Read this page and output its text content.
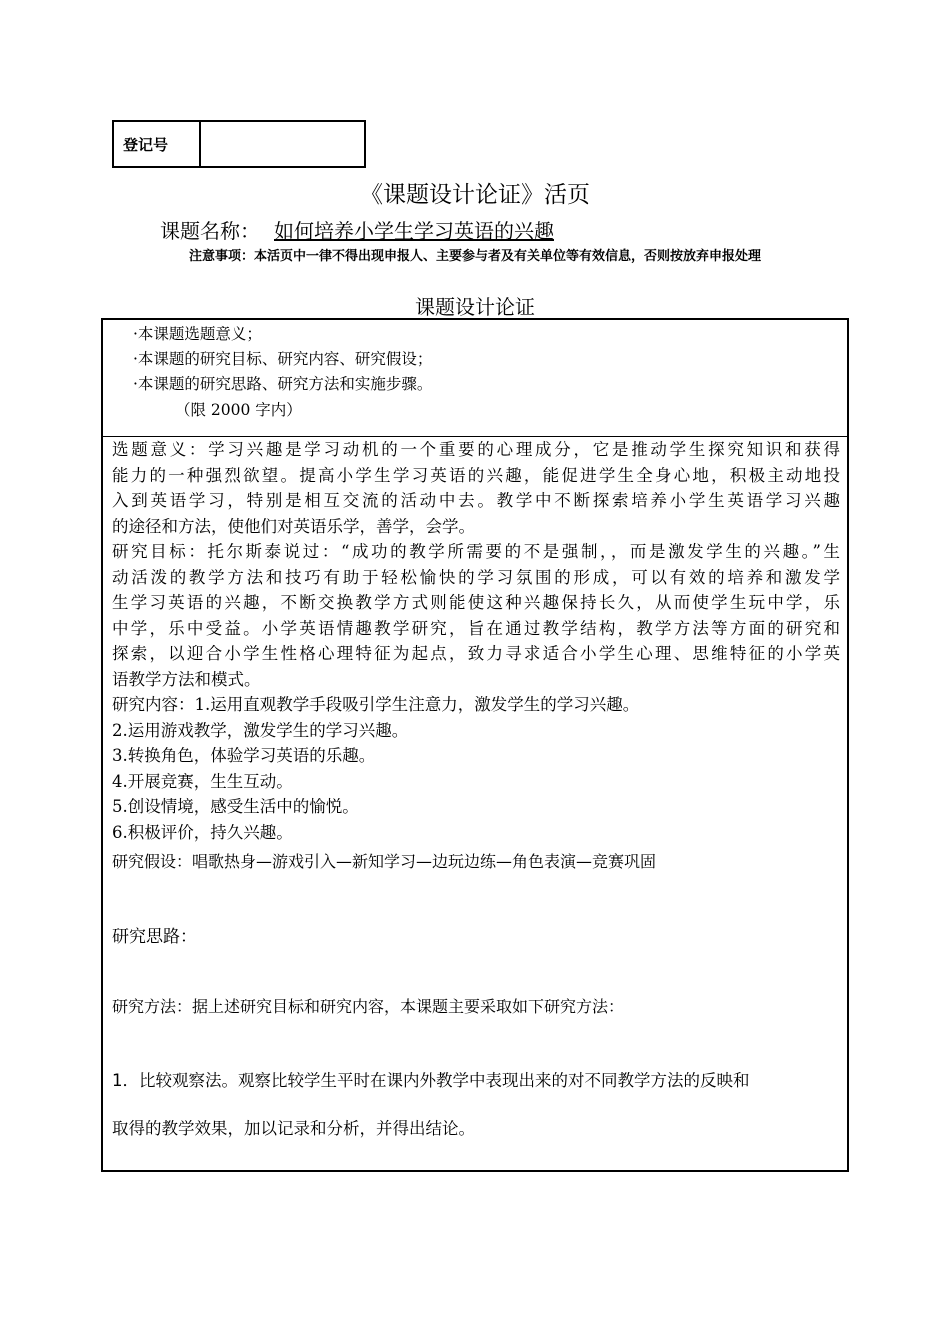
登记号
《课题设计论证》活页
课题名称： 如何培养小学生学习英语的兴趣
注意事项：本活页中一律不得出现申报人、主要参与者及有关单位等有效信息，否则按放弃申报处理
课题设计论证
·本课题选题意义；
·本课题的研究目标、研究内容、研究假设；
·本课题的研究思路、研究方法和实施步骤。
（限 2000 字内）
选题意义：学习兴趣是学习动机的一个重要的心理成分，它是推动学生探究知识和获得
能力的一种强烈欲望。提高小学生学习英语的兴趣，能促进学生全身心地，积极主动地投
入到英语学习，特别是相互交流的活动中去。教学中不断探索培养小学生英语学习兴趣
的途径和方法，使他们对英语乐学，善学，会学。
研究目标：托尔斯泰说过：“成功的教学所需要的不是强制，，而是激发学生的兴趣。”生
动活泼的教学方法和技巧有助于轻松愉快的学习氛围的形成，可以有效的培养和激发学
生学习英语的兴趣，不断交换教学方式则能使这种兴趣保持长久，从而使学生玩中学，乐
中学，乐中受益。小学英语情趣教学研究，旨在通过教学结构，教学方法等方面的研究和
探索，以迎合小学生性格心理特征为起点，致力寻求适合小学生心理、思维特征的小学英
语教学方法和模式。
研究内容：1.运用直观教学手段吸引学生注意力，激发学生的学习兴趣。
2.运用游戏教学，激发学生的学习兴趣。
3.转换角色，体验学习英语的乐趣。
4.开展竞赛，生生互动。
5.创设情境，感受生活中的愉悦。
6.积极评价，持久兴趣。
研究假设：唱歌热身—游戏引入—新知学习—边玩边练—角色表演—竞赛巩固
研究思路：
研究方法：据上述研究目标和研究内容，本课题主要采取如下研究方法：
1．比较观察法。观察比较学生平时在课内外教学中表现出来的对不同教学方法的反映和
取得的教学效果，加以记录和分析，并得出结论。
